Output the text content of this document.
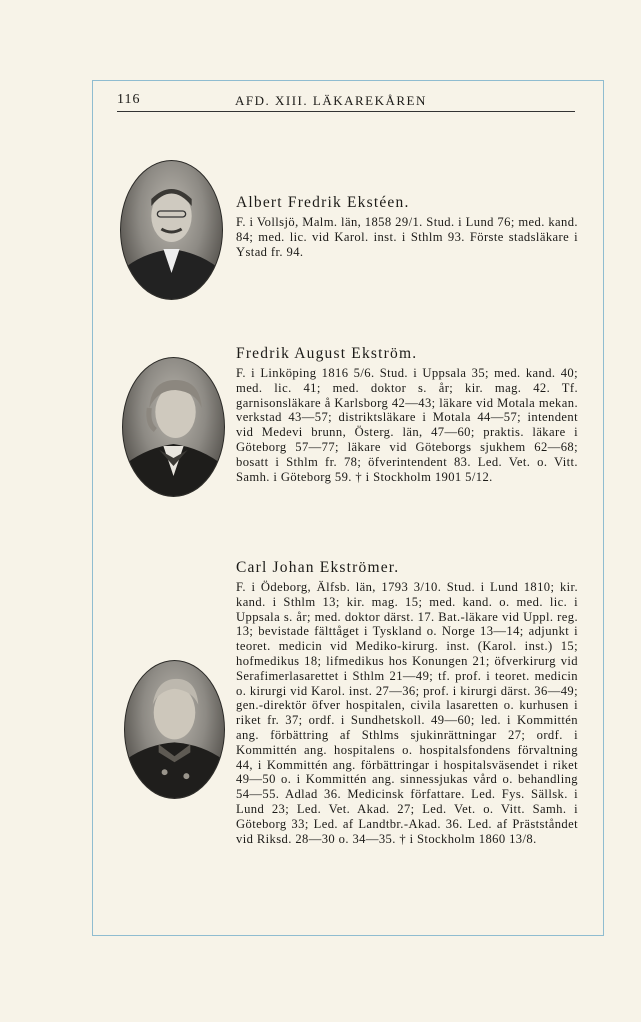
116	AFD. XIII. LÄKAREKÅREN

Albert Fredrik Ekstéen.

F. i Vollsjö, Malm. län, 1858 29/1. Stud. i Lund 76; med. kand. 84; med. lic. vid Karol. inst. i Sthlm 93. Förste stadsläkare i Ystad fr. 94.

Fredrik August Ekström.

F. i Linköping 1816 5/6. Stud. i Uppsala 35; med. kand. 40; med. lic. 41; med. doktor s. år; kir. mag. 42. Tf. garnisonsläkare å Karlsborg 42—43; läkare vid Motala mekan. verkstad 43—57; distriktsläkare i Motala 44—57; intendent vid Medevi brunn, Österg. län, 47—60; praktis. läkare i Göteborg 57—77; läkare vid Göteborgs sjukhem 62—68; bosatt i Sthlm fr. 78; öfverintendent 83. Led. Vet. o. Vitt. Samh. i Göteborg 59. † i Stockholm 1901 5/12.

Carl Johan Ekströmer.

F. i Ödeborg, Älfsb. län, 1793 3/10. Stud. i Lund 1810; kir. kand. i Sthlm 13; kir. mag. 15; med. kand. o. med. lic. i Uppsala s. år; med. doktor därst. 17. Bat.-läkare vid Uppl. reg. 13; bevistade fälttåget i Tyskland o. Norge 13—14; adjunkt i teoret. medicin vid Mediko-kirurg. inst. (Karol. inst.) 15; hofmedikus 18; lifmedikus hos Konungen 21; öfverkirurg vid Serafimerlasarettet i Sthlm 21—49; tf. prof. i teoret. medicin o. kirurgi vid Karol. inst. 27—36; prof. i kirurgi därst. 36—49; gen.-direktör öfver hospitalen, civila lasaretten o. kurhusen i riket fr. 37; ordf. i Sundhetskoll. 49—60; led. i Kommittén ang. förbättring af Sthlms sjukinrättningar 27; ordf. i Kommittén ang. hospitalens o. hospitalsfondens förvaltning 44, i Kommittén ang. förbättringar i hospitalsväsendet i riket 49—50 o. i Kommittén ang. sinnessjukas vård o. behandling 54—55. Adlad 36. Medicinsk författare. Led. Fys. Sällsk. i Lund 23; Led. Vet. Akad. 27; Led. Vet. o. Vitt. Samh. i Göteborg 33; Led. af Landtbr.-Akad. 36. Led. af Prästståndet vid Riksd. 28—30 o. 34—35. † i Stockholm 1860 13/8.
